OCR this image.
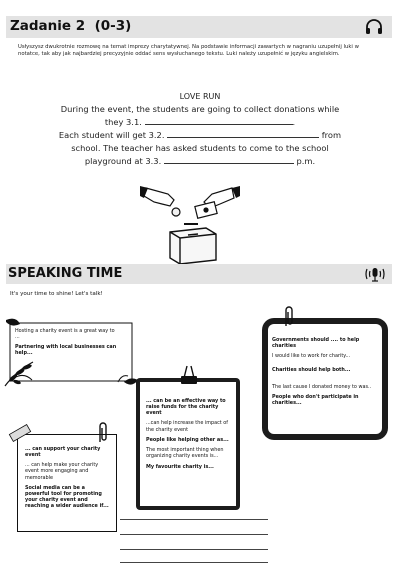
Zadanie 2 (0-3)
Usłyszysz dwukrotnie rozmowę na temat imprezy charytatywnej. Na podstawie informacji zawartych w nagraniu uzupełnij luki w notatce, tak aby jak najbardziej precyzyjnie oddać sens wysłuchanego tekstu. Luki należy uzupełnić w języku angielskim.
LOVE RUN
During the event, the students are going to collect donations while
they 3.1.	.
Each student will get 3.2.	from
school. The teacher has asked students to come to the school
playground at 3.3.	p.m.
SPEAKING TIME
It's your time to shine! Let's talk!

Hosting a charity event is a great way to ...

Partnering with local businesses can help...

Governments should .... to help charities

I would like to work for charity...

Charities should help both...

The last cause I donated money to was..

People who don't participate in charities...

... can be an effective way to raise funds for the charity event

...can help increase the impact of the charity event

People like helping other as...

The most important thing when organizing charity events is...

My favourite charity is...

... can support your charity event

... can help make your charity event more engaging and memorable

Social media can be a powerful tool for promoting your charity event and reaching a wider audience if...
